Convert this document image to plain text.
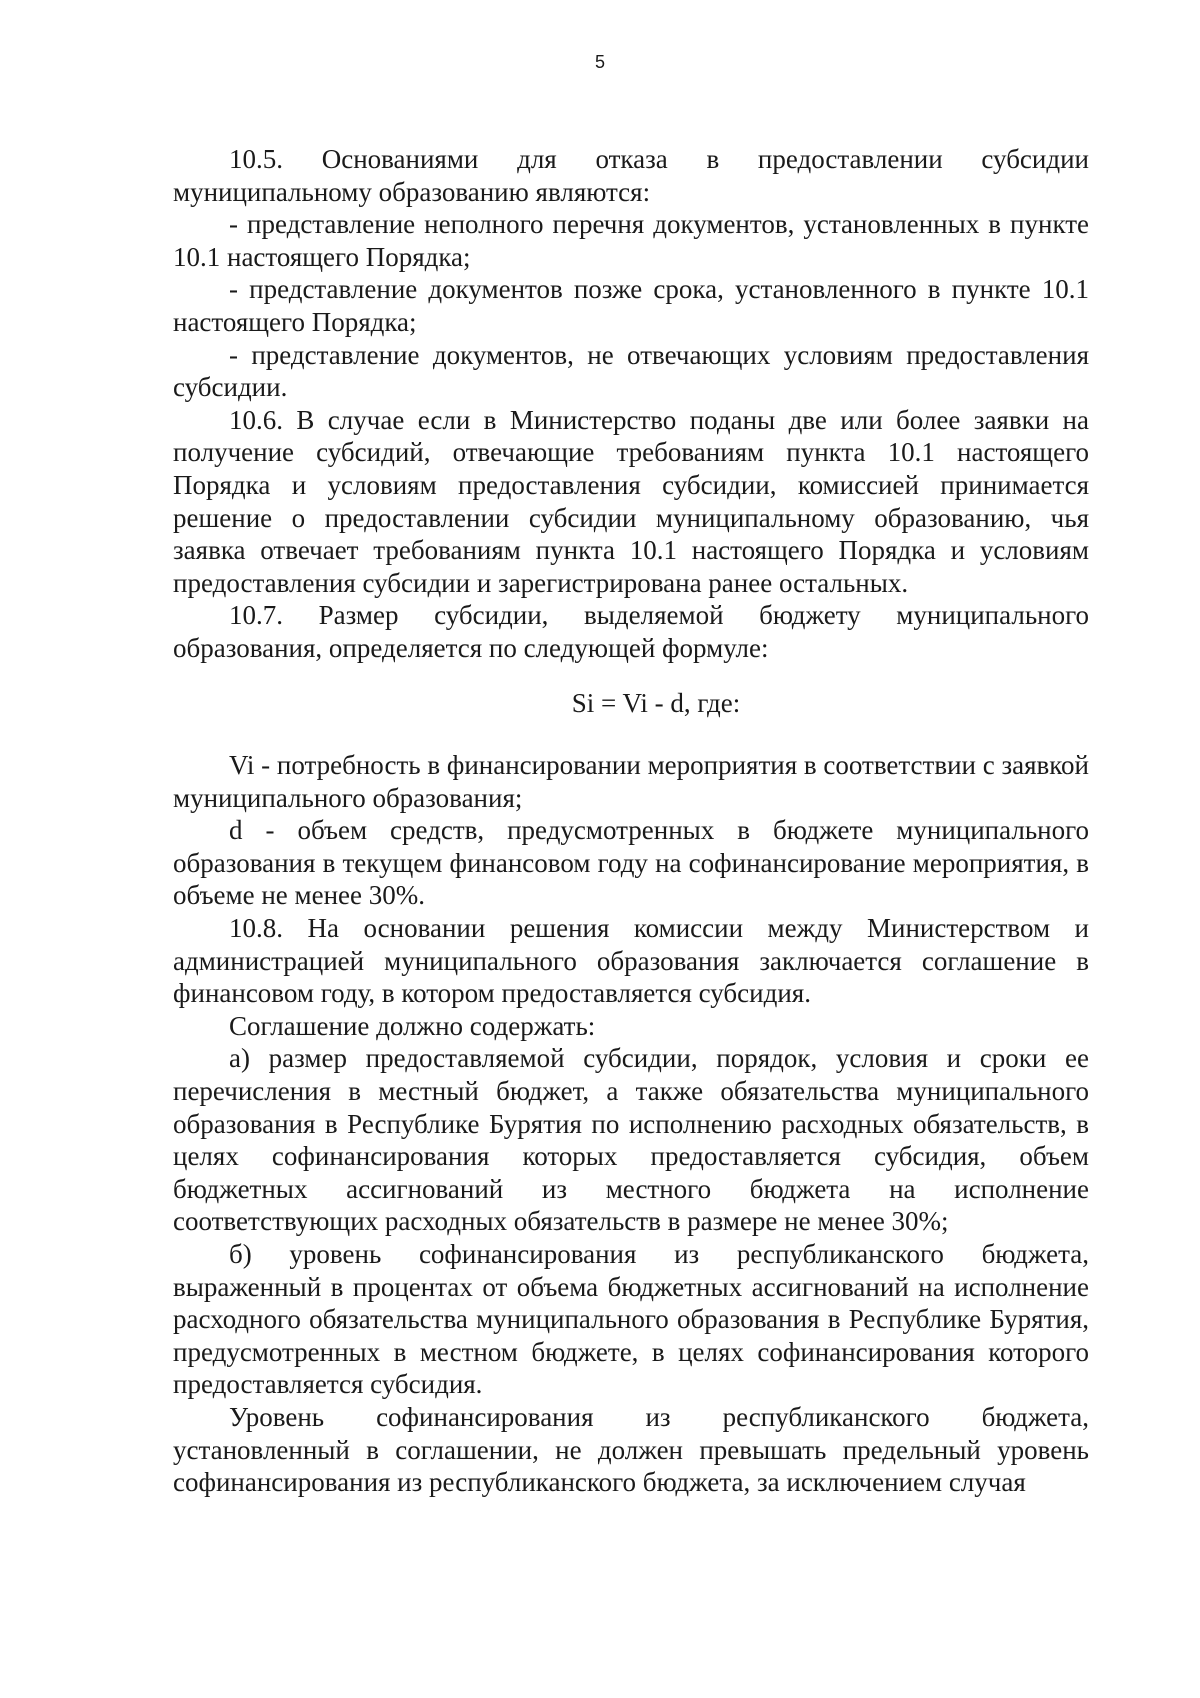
5

10.5. Основаниями для отказа в предоставлении субсидии муниципальному образованию являются:

- представление неполного перечня документов, установленных в пункте 10.1 настоящего Порядка;

- представление документов позже срока, установленного в пункте 10.1 настоящего Порядка;

- представление документов, не отвечающих условиям предоставления субсидии.

10.6. В случае если в Министерство поданы две или более заявки на получение субсидий, отвечающие требованиям пункта 10.1 настоящего Порядка и условиям предоставления субсидии, комиссией принимается решение о предоставлении субсидии муниципальному образованию, чья заявка отвечает требованиям пункта 10.1 настоящего Порядка и условиям предоставления субсидии и зарегистрирована ранее остальных.

10.7. Размер субсидии, выделяемой бюджету муниципального образования, определяется по следующей формуле:

Si = Vi - d, где:

Vi - потребность в финансировании мероприятия в соответствии с заявкой муниципального образования;

d - объем средств, предусмотренных в бюджете муниципального образования в текущем финансовом году на софинансирование мероприятия, в объеме не менее 30%.

10.8. На основании решения комиссии между Министерством и администрацией муниципального образования заключается соглашение в финансовом году, в котором предоставляется субсидия.

Соглашение должно содержать:

а) размер предоставляемой субсидии, порядок, условия и сроки ее перечисления в местный бюджет, а также обязательства муниципального образования в Республике Бурятия по исполнению расходных обязательств, в целях софинансирования которых предоставляется субсидия, объем бюджетных ассигнований из местного бюджета на исполнение соответствующих расходных обязательств в размере не менее 30%;

б) уровень софинансирования из республиканского бюджета, выраженный в процентах от объема бюджетных ассигнований на исполнение расходного обязательства муниципального образования в Республике Бурятия, предусмотренных в местном бюджете, в целях софинансирования которого предоставляется субсидия.

Уровень софинансирования из республиканского бюджета, установленный в соглашении, не должен превышать предельный уровень софинансирования из республиканского бюджета, за исключением случая
